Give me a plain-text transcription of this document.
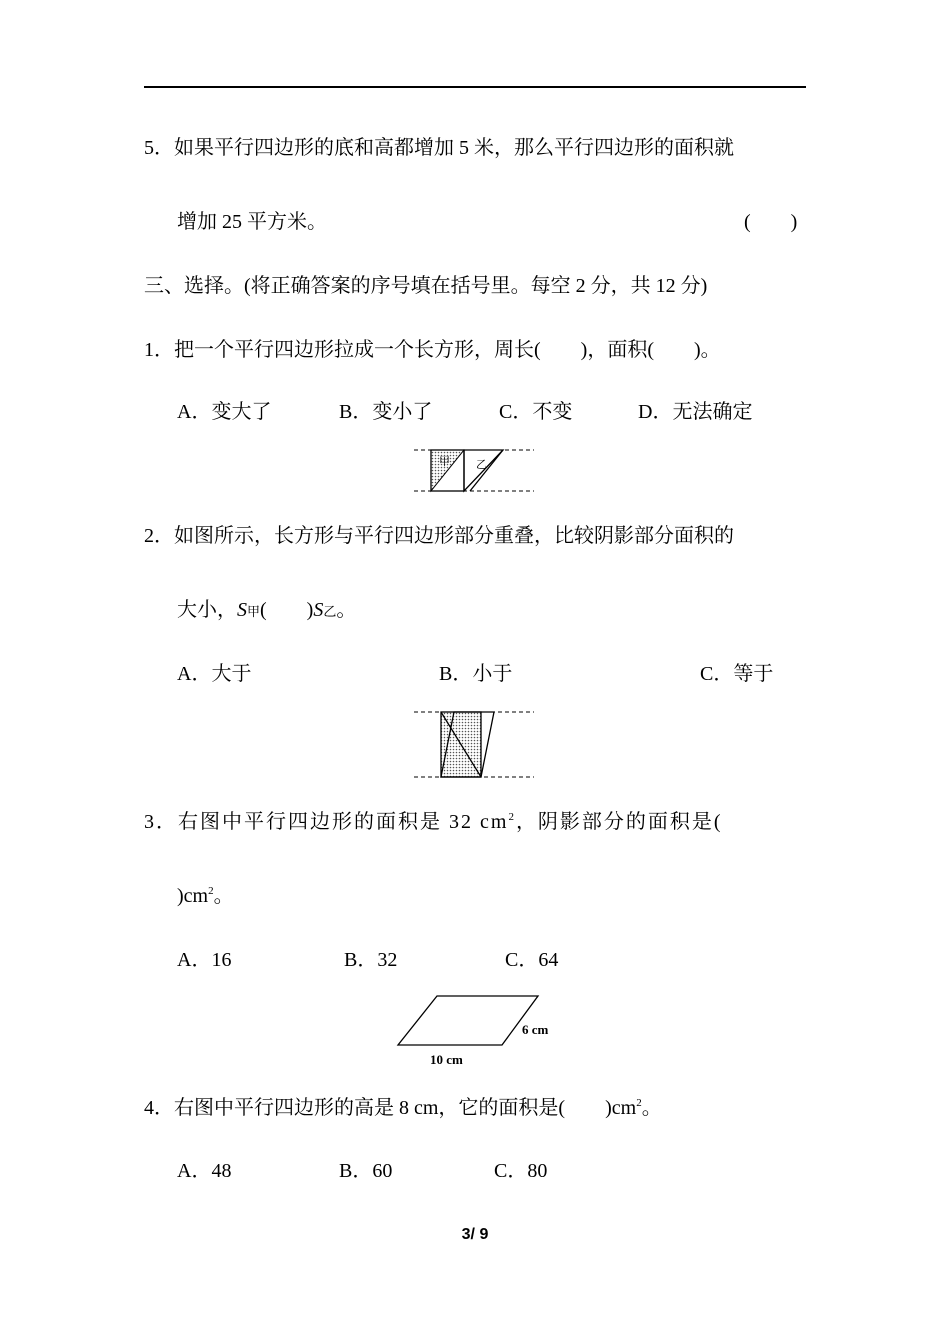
5．如果平行四边形的底和高都增加 5 米，那么平行四边形的面积就
增加 25 平方米。	(　　)
三、选择。(将正确答案的序号填在括号里。每空 2 分，共 12 分)
1．把一个平行四边形拉成一个长方形，周长(　　)，面积(　　)。
A．变大了	B．变小了	C．不变	D．无法确定
甲 乙
2．如图所示，长方形与平行四边形部分重叠，比较阴影部分面积的
大小，S甲(　　)S乙。
A．大于	B．小于	C．等于
3．右图中平行四边形的面积是 32 $cm^2$，阴影部分的面积是(
)$cm^2$。
A．16	B．32	C．64
6 cm
10 cm
4．右图中平行四边形的高是 8 cm，它的面积是(　　)$cm^2$。
A．48	B．60	C．80
3/ 9
